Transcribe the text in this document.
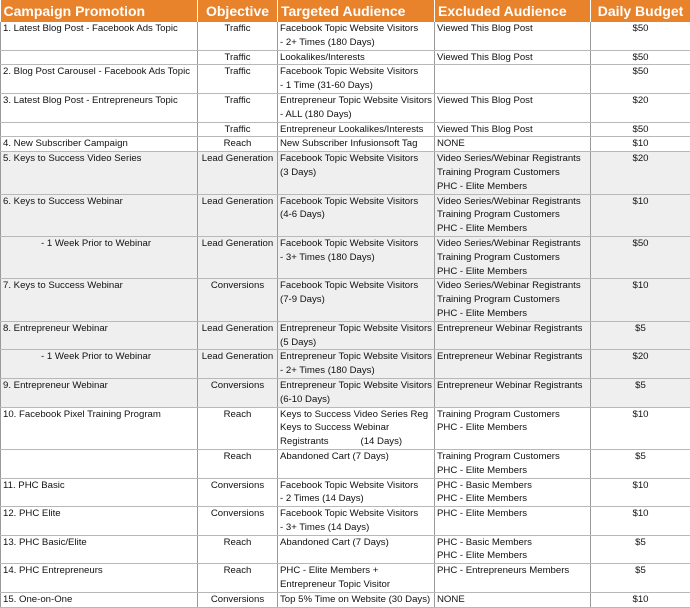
Campaign Promotion	Objective	Targeted Audience	Excluded Audience	Daily Budget
1. Latest Blog Post - Facebook Ads Topic	Traffic	Facebook Topic Website Visitors
- 2+ Times (180 Days)	Viewed This Blog Post	$50
	Traffic	Lookalikes/Interests	Viewed This Blog Post	$50
2. Blog Post Carousel - Facebook Ads Topic	Traffic	Facebook Topic Website Visitors
- 1 Time (31-60 Days)		$50
3. Latest Blog Post - Entrepreneurs Topic	Traffic	Entrepreneur Topic Website Visitors
- ALL (180 Days)	Viewed This Blog Post	$20
	Traffic	Entrepreneur Lookalikes/Interests	Viewed This Blog Post	$50
4. New Subscriber Campaign	Reach	New Subscriber Infusionsoft Tag	NONE	$10
5. Keys to Success Video Series	Lead Generation	Facebook Topic Website Visitors
(3 Days)	Video Series/Webinar Registrants
Training Program Customers
PHC - Elite Members	$20
6. Keys to Success Webinar	Lead Generation	Facebook Topic Website Visitors
(4-6 Days)	Video Series/Webinar Registrants
Training Program Customers
PHC - Elite Members	$10
- 1 Week Prior to Webinar	Lead Generation	Facebook Topic Website Visitors
- 3+ Times (180 Days)	Video Series/Webinar Registrants
Training Program Customers
PHC - Elite Members	$50
7. Keys to Success Webinar	Conversions	Facebook Topic Website Visitors
(7-9 Days)	Video Series/Webinar Registrants
Training Program Customers
PHC - Elite Members	$10
8. Entrepreneur Webinar	Lead Generation	Entrepreneur Topic Website Visitors
(5 Days)	Entrepreneur Webinar Registrants	$5
- 1 Week Prior to Webinar	Lead Generation	Entrepreneur Topic Website Visitors
- 2+ Times (180 Days)	Entrepreneur Webinar Registrants	$20
9. Entrepreneur Webinar	Conversions	Entrepreneur Topic Website Visitors
(6-10 Days)	Entrepreneur Webinar Registrants	$5
10. Facebook Pixel Training Program	Reach	Keys to Success Video Series Reg
Keys to Success Webinar
Registrants            (14 Days)	Training Program Customers
PHC - Elite Members	$10
	Reach	Abandoned Cart (7 Days)	Training Program Customers
PHC - Elite Members	$5
11. PHC Basic	Conversions	Facebook Topic Website Visitors
- 2 Times (14 Days)	PHC - Basic Members
PHC - Elite Members	$10
12. PHC Elite	Conversions	Facebook Topic Website Visitors
- 3+ Times (14 Days)	PHC - Elite Members	$10
13. PHC Basic/Elite	Reach	Abandoned Cart (7 Days)	PHC - Basic Members
PHC - Elite Members	$5
14. PHC Entrepreneurs	Reach	PHC - Elite Members +
Entrepreneur Topic Visitor	PHC - Entrepreneurs Members	$5
15. One-on-One	Conversions	Top 5% Time on Website (30 Days)	NONE	$10
